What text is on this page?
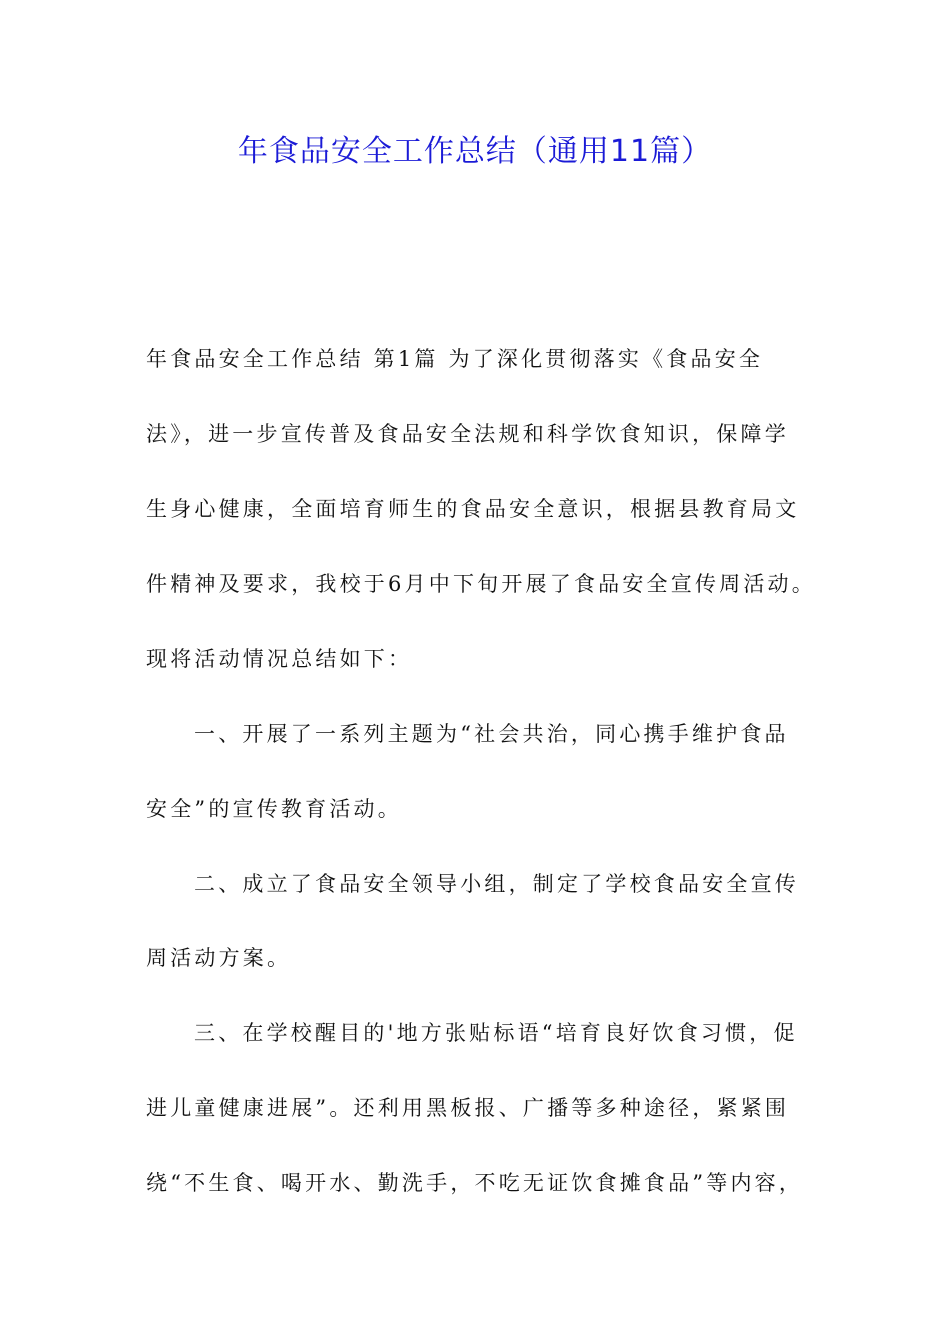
年食品安全工作总结（通用11篇）
年食品安全工作总结 第1篇 为了深化贯彻落实《食品安全
法》，进一步宣传普及食品安全法规和科学饮食知识，保障学
生身心健康，全面培育师生的食品安全意识，根据县教育局文
件精神及要求，我校于6月中下旬开展了食品安全宣传周活动。
现将活动情况总结如下：
一、开展了一系列主题为“社会共治，同心携手维护食品
安全”的宣传教育活动。
二、成立了食品安全领导小组，制定了学校食品安全宣传
周活动方案。
三、在学校醒目的'地方张贴标语“培育良好饮食习惯，促
进儿童健康进展”。还利用黑板报、广播等多种途径，紧紧围
绕“不生食、喝开水、勤洗手，不吃无证饮食摊食品”等内容，
